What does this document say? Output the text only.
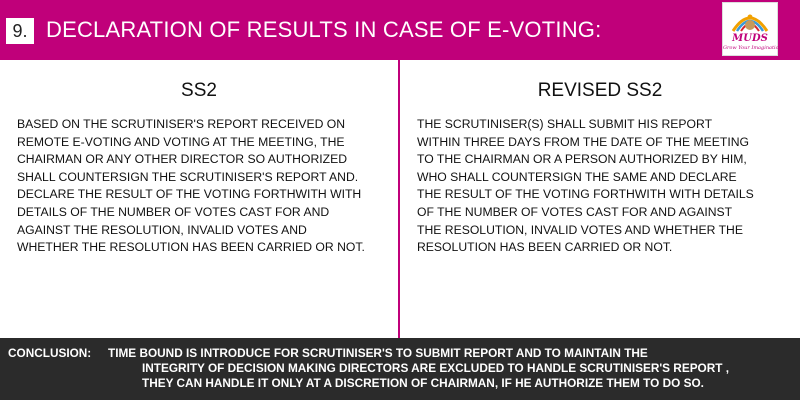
9. DECLARATION OF RESULTS IN CASE OF E-VOTING:	MUDS
Grow Your Imagination
SS2	REVISED SS2
BASED ON THE SCRUTINISER'S REPORT RECEIVED ON
REMOTE E-VOTING AND VOTING AT THE MEETING, THE
CHAIRMAN OR ANY OTHER DIRECTOR SO AUTHORIZED
SHALL COUNTERSIGN THE SCRUTINISER'S REPORT AND.
DECLARE THE RESULT OF THE VOTING FORTHWITH WITH
DETAILS OF THE NUMBER OF VOTES CAST FOR AND
AGAINST THE RESOLUTION, INVALID VOTES AND
WHETHER THE RESOLUTION HAS BEEN CARRIED OR NOT.
THE SCRUTINISER(S) SHALL SUBMIT HIS REPORT
WITHIN THREE DAYS FROM THE DATE OF THE MEETING
TO THE CHAIRMAN OR A PERSON AUTHORIZED BY HIM,
WHO SHALL COUNTERSIGN THE SAME AND DECLARE
THE RESULT OF THE VOTING FORTHWITH WITH DETAILS
OF THE NUMBER OF VOTES CAST FOR AND AGAINST
THE RESOLUTION, INVALID VOTES AND WHETHER THE
RESOLUTION HAS BEEN CARRIED OR NOT.
CONCLUSION: TIME BOUND IS INTRODUCE FOR SCRUTINISER'S TO SUBMIT REPORT AND TO MAINTAIN THE
INTEGRITY OF DECISION MAKING DIRECTORS ARE EXCLUDED TO HANDLE SCRUTINISER'S REPORT ,
THEY CAN HANDLE IT ONLY AT A DISCRETION OF CHAIRMAN, IF HE AUTHORIZE THEM TO DO SO.
